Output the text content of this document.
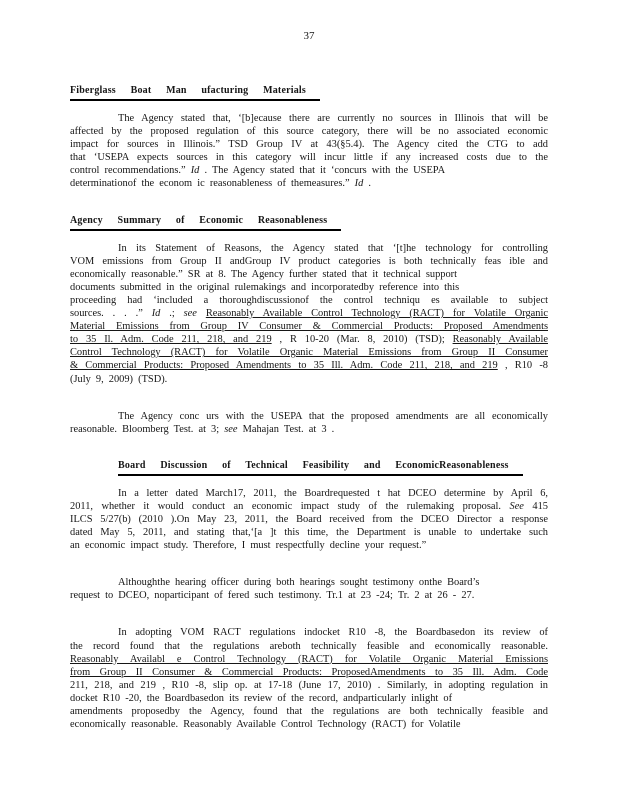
37
Fiberglass Boat Man ufacturing Materials
The Agency stated that, ‘[b]ecause there are currently no sources in Illinois that will be
affected by the proposed regulation of this source category, there will be no associated economic
impact for sources in Illinois.” TSD Group IV at 43(§5.4). The Agency cited the CTG to add
that ‘USEPA expects sources in this category will incur little if any increased costs due to the
control recommendations.” Id . The Agency stated that it ‘concurs with the USEPA
determinationof the econom ic reasonableness of themeasures.” Id .
Agency Summary of Economic Reasonableness
In its Statement of Reasons, the Agency stated that ‘[t]he technology for controlling
VOM emissions from Group II andGroup IV product categories is both technically feas ible and
economically reasonable.” SR at 8. The Agency further stated that it technical support
documents submitted in the original rulemakings and incorporatedby reference into this
proceeding had ‘included a thoroughdiscussionof the control techniqu es available to subject
sources. . . .” Id .; see Reasonably Available Control Technology (RACT) for Volatile Organic
Material Emissions from Group IV Consumer & Commercial Products: Proposed Amendments
to 35 Il. Adm. Code 211, 218, and 219 , R 10-20 (Mar. 8, 2010) (TSD); Reasonably Available
Control Technology (RACT) for Volatile Organic Material Emissions from Group II Consumer
& Commercial Products: Proposed Amendments to 35 Ill. Adm. Code 211, 218, and 219 , R10 -8
(July 9, 2009) (TSD).
The Agency conc urs with the USEPA that the proposed amendments are all economically
reasonable. Bloomberg Test. at 3; see Mahajan Test. at 3 .
Board Discussion of Technical Feasibility and EconomicReasonableness
In a letter dated March17, 2011, the Boardrequested t hat DCEO determine by April 6,
2011, whether it would conduct an economic impact study of the rulemaking proposal. See 415
ILCS 5/27(b) (2010 ).On May 23, 2011, the Board received from the DCEO Director a response
dated May 5, 2011, and stating that,‘[a ]t this time, the Department is unable to undertake such
an economic impact study. Therefore, I must respectfully decline your request.”
Althoughthe hearing officer during both hearings sought testimony onthe Board’s
request to DCEO, noparticipant of fered such testimony. Tr.1 at 23 -24; Tr. 2 at 26 - 27.
In adopting VOM RACT regulations indocket R10 -8, the Boardbasedon its review of
the record found that the regulations areboth technically feasible and economically reasonable.
Reasonably Availabl e Control Technology (RACT) for Volatile Organic Material Emissions
from Group II Consumer & Commercial Products: ProposedAmendments to 35 Ill. Adm. Code
211, 218, and 219 , R10 -8, slip op. at 17-18 (June 17, 2010) . Similarly, in adopting regulation in
docket R10 -20, the Boardbasedon its review of the record, andparticularly inlight of
amendments proposedby the Agency, found that the regulations are both technically feasible and
economically reasonable. Reasonably Available Control Technology (RACT) for Volatile
